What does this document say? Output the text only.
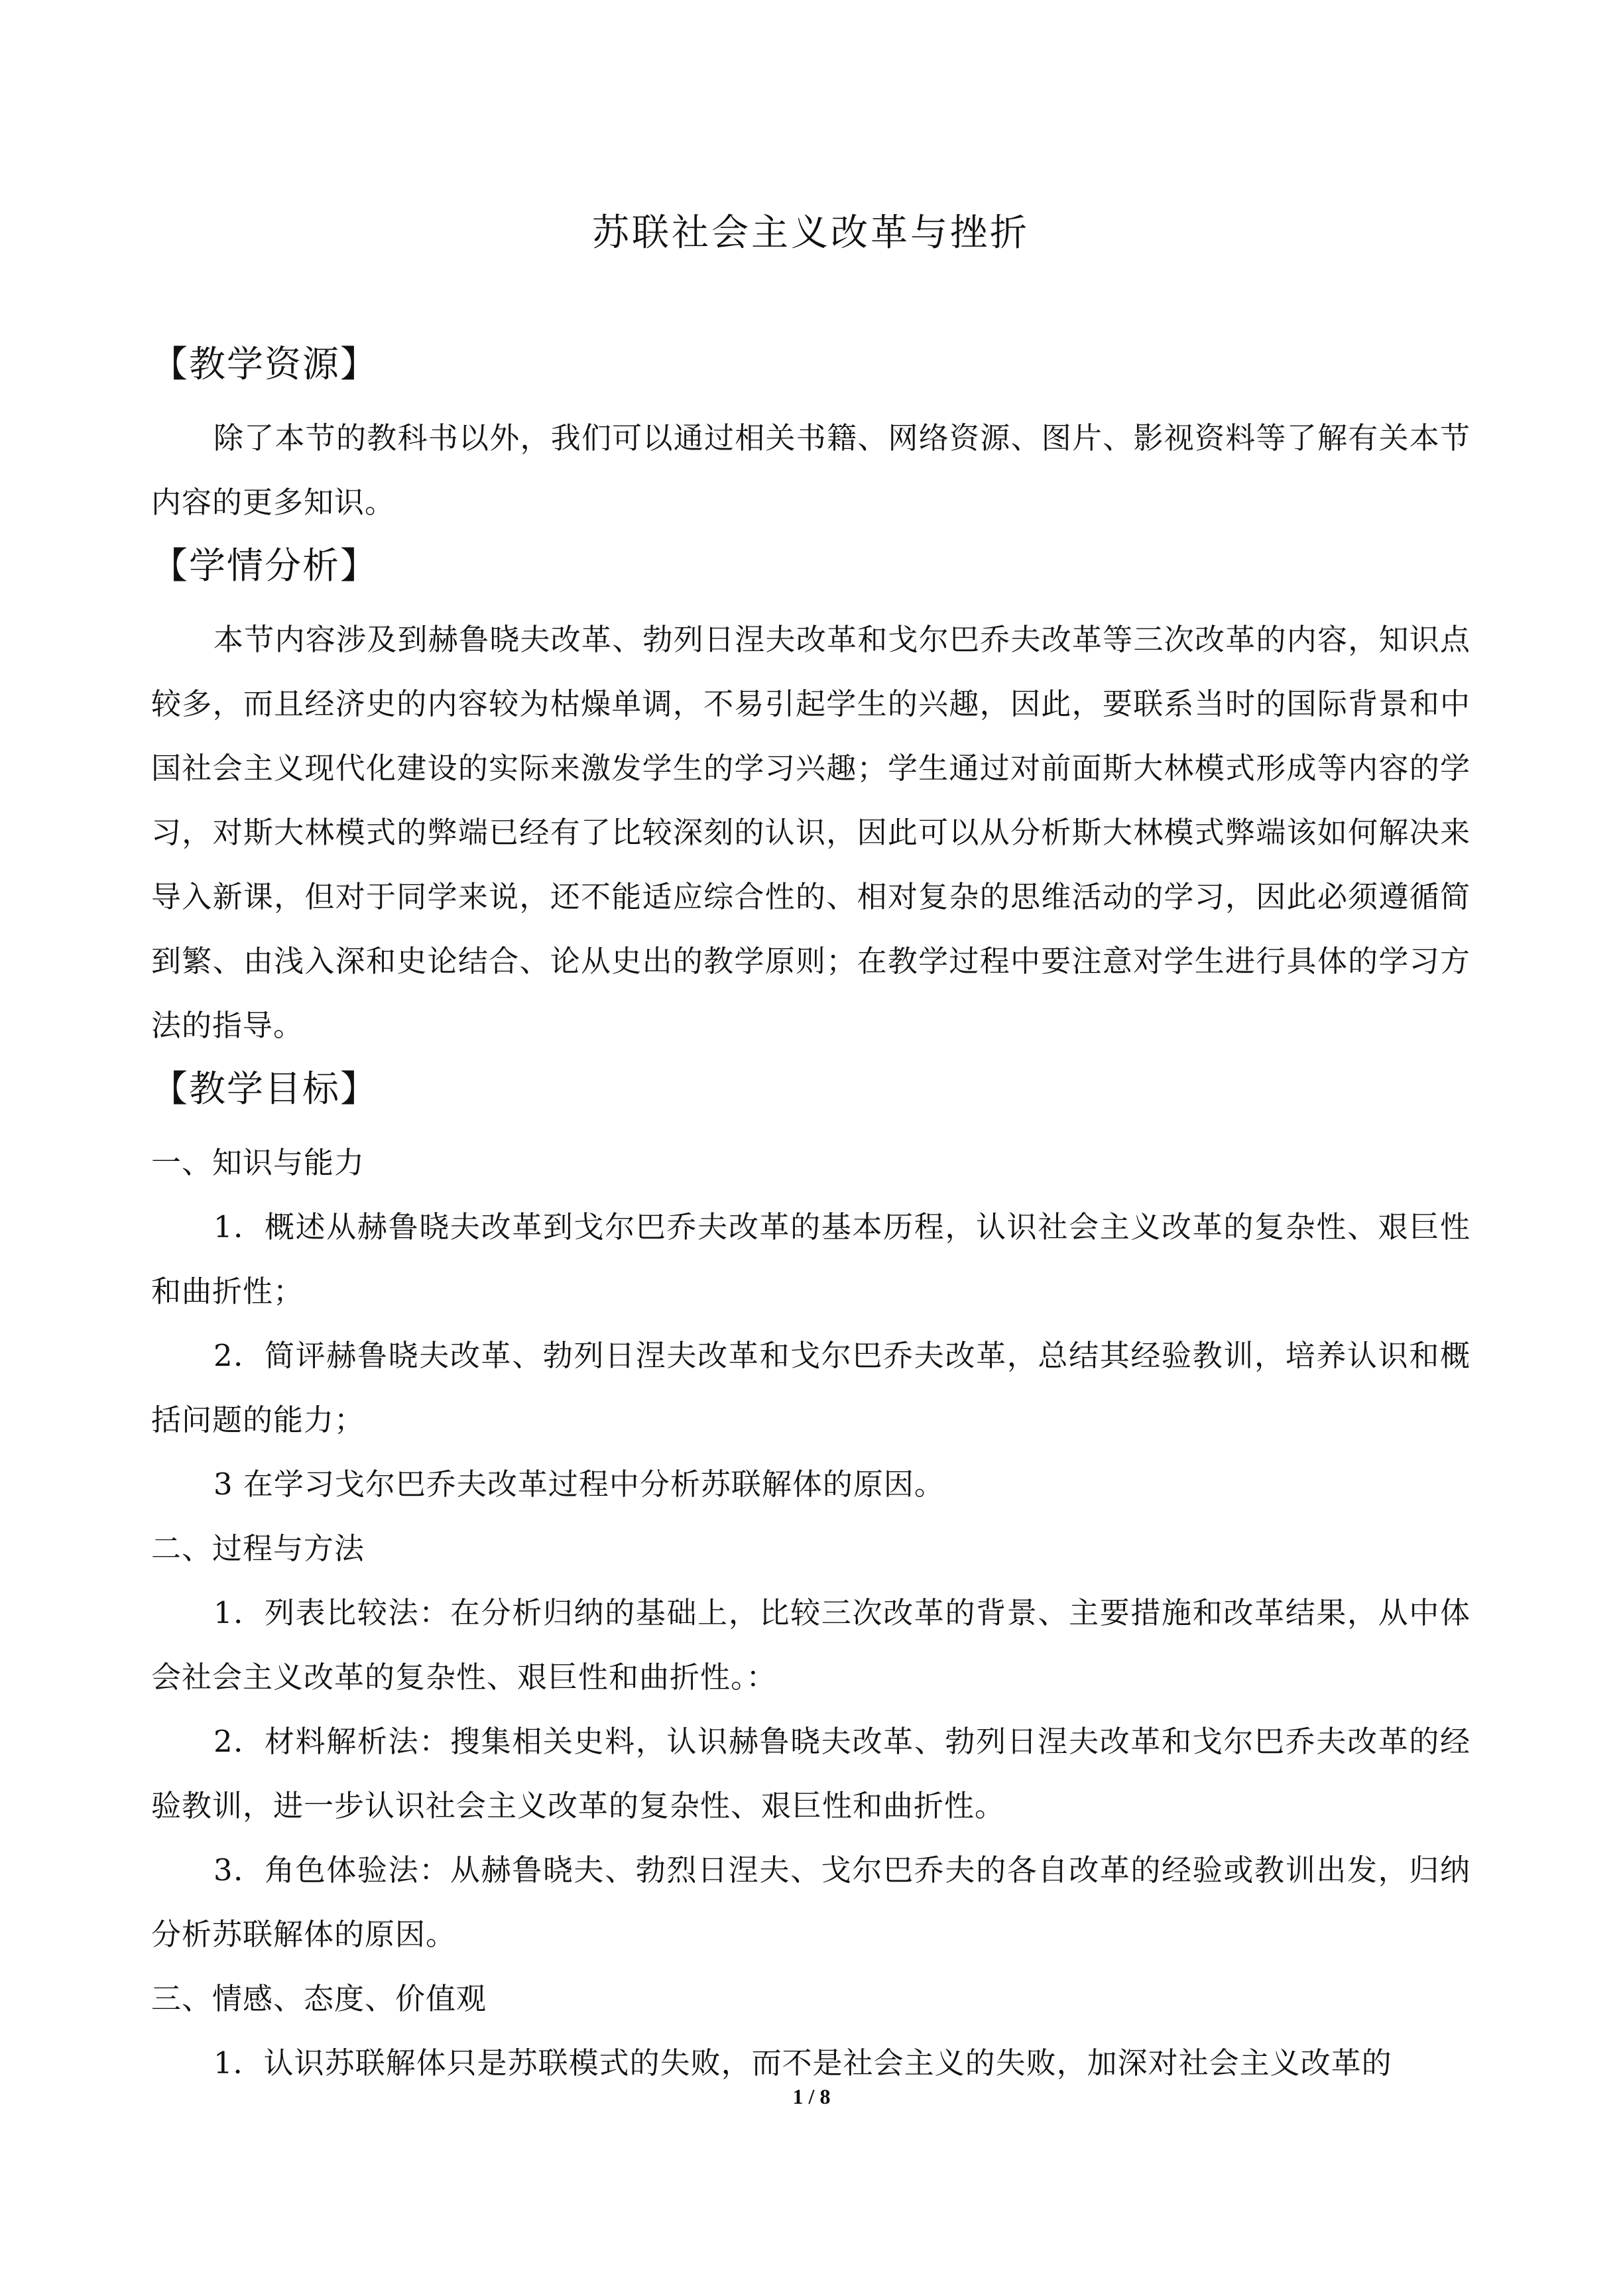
苏联社会主义改革与挫折
【教学资源】

除了本节的教科书以外，我们可以通过相关书籍、网络资源、图片、影视资料等了解有关本节内容的更多知识。

【学情分析】

本节内容涉及到赫鲁晓夫改革、勃列日涅夫改革和戈尔巴乔夫改革等三次改革的内容，知识点较多，而且经济史的内容较为枯燥单调，不易引起学生的兴趣，因此，要联系当时的国际背景和中国社会主义现代化建设的实际来激发学生的学习兴趣；学生通过对前面斯大林模式形成等内容的学习，对斯大林模式的弊端已经有了比较深刻的认识，因此可以从分析斯大林模式弊端该如何解决来导入新课，但对于同学来说，还不能适应综合性的、相对复杂的思维活动的学习，因此必须遵循简到繁、由浅入深和史论结合、论从史出的教学原则；在教学过程中要注意对学生进行具体的学习方法的指导。

【教学目标】

一、知识与能力

1．概述从赫鲁晓夫改革到戈尔巴乔夫改革的基本历程，认识社会主义改革的复杂性、艰巨性和曲折性；

2．简评赫鲁晓夫改革、勃列日涅夫改革和戈尔巴乔夫改革，总结其经验教训，培养认识和概括问题的能力；

3 在学习戈尔巴乔夫改革过程中分析苏联解体的原因。

二、过程与方法

1．列表比较法：在分析归纳的基础上，比较三次改革的背景、主要措施和改革结果，从中体会社会主义改革的复杂性、艰巨性和曲折性。：

2．材料解析法：搜集相关史料，认识赫鲁晓夫改革、勃列日涅夫改革和戈尔巴乔夫改革的经验教训，进一步认识社会主义改革的复杂性、艰巨性和曲折性。

3．角色体验法：从赫鲁晓夫、勃烈日涅夫、戈尔巴乔夫的各自改革的经验或教训出发，归纳分析苏联解体的原因。

三、情感、态度、价值观

1．认识苏联解体只是苏联模式的失败，而不是社会主义的失败，加深对社会主义改革的

1 / 8
